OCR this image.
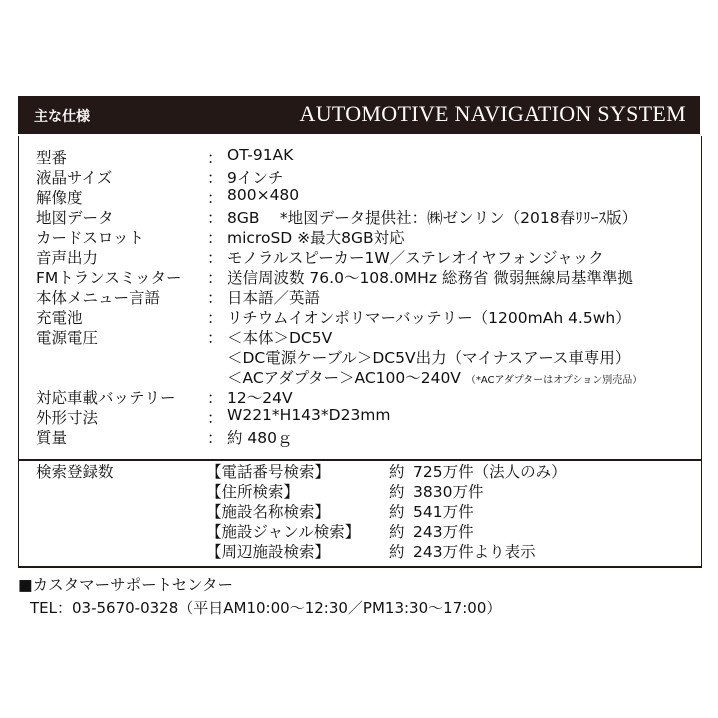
主な仕様	AUTOMOTIVE NAVIGATION SYSTEM
型番	： OT-91AK
液晶サイズ	： 9インチ
解像度	： 800×480
地図データ	： 8GB　 *地図データ提供社：㈱ゼンリン（2018春ﾘﾘｰｽ版）
カードスロット	： microSD ※最大8GB対応
音声出力	： モノラルスピーカー1W／ステレオイヤフォンジャック
FMトランスミッター ： 送信周波数 76.0～108.0MHz 総務省 微弱無線局基準準拠
本体メニュー言語	： 日本語／英語
充電池	： リチウムイオンポリマーバッテリー（1200mAh 4.5wh）
電源電圧	： ＜本体＞DC5V
＜DC電源ケーブル＞DC5V出力（マイナスアース車専用）
＜ACアダプター＞AC100～240V （*ACアダプターはオプション別売品）
対応車載バッテリー ： 12～24V
外形寸法	： W221*H143*D23mm
質量	： 約 480ｇ
検索登録数	【電話番号検索】	約 725万件（法人のみ）
【住所検索】	約 3830万件
【施設名称検索】	約 541万件
【施設ジャンル検索】 約 243万件
【周辺施設検索】	約 243万件より表示
■カスタマーサポートセンター
TEL：03-5670-0328（平日AM10:00～12:30／PM13:30～17:00）
